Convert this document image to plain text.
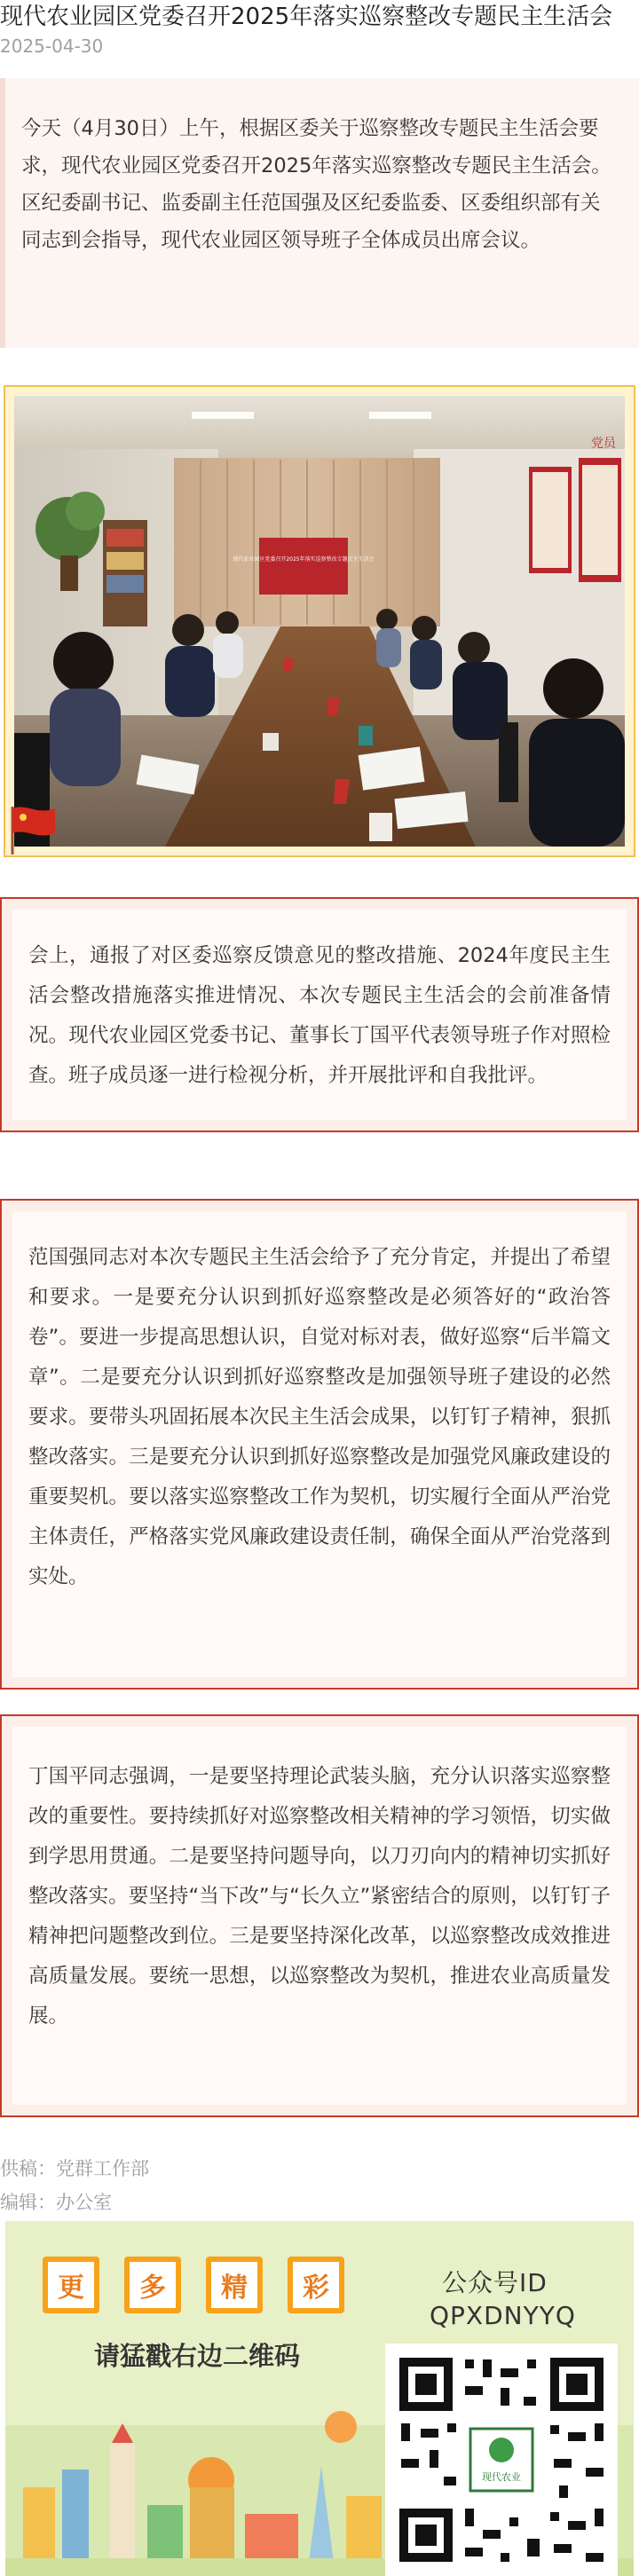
现代农业园区党委召开2025年落实巡察整改专题民主生活会
2025-04-30

今天（4月30日）上午，根据区委关于巡察整改专题民主生活会要求，现代农业园区党委召开2025年落实巡察整改专题民主生活会。区纪委副书记、监委副主任范国强及区纪委监委、区委组织部有关同志到会指导，现代农业园区领导班子全体成员出席会议。

现代农业园区党委召开2025年落实巡察整改专题民主生活会
党员

会上，通报了对区委巡察反馈意见的整改措施、2024年度民主生活会整改措施落实推进情况、本次专题民主生活会的会前准备情况。现代农业园区党委书记、董事长丁国平代表领导班子作对照检查。班子成员逐一进行检视分析，并开展批评和自我批评。

范国强同志对本次专题民主生活会给予了充分肯定，并提出了希望和要求。一是要充分认识到抓好巡察整改是必须答好的“政治答卷”。要进一步提高思想认识，自觉对标对表，做好巡察“后半篇文章”。二是要充分认识到抓好巡察整改是加强领导班子建设的必然要求。要带头巩固拓展本次民主生活会成果，以钉钉子精神，狠抓整改落实。三是要充分认识到抓好巡察整改是加强党风廉政建设的重要契机。要以落实巡察整改工作为契机，切实履行全面从严治党主体责任，严格落实党风廉政建设责任制，确保全面从严治党落到实处。

丁国平同志强调，一是要坚持理论武装头脑，充分认识落实巡察整改的重要性。要持续抓好对巡察整改相关精神的学习领悟，切实做到学思用贯通。二是要坚持问题导向，以刀刃向内的精神切实抓好整改落实。要坚持“当下改”与“长久立”紧密结合的原则，以钉钉子精神把问题整改到位。三是要坚持深化改革，以巡察整改成效推进高质量发展。要统一思想，以巡察整改为契机，推进农业高质量发展。

供稿：党群工作部
编辑：办公室
更	多	精	彩
请猛戳右边二维码
公众号ID
QPXDNYYQ
现代农业
